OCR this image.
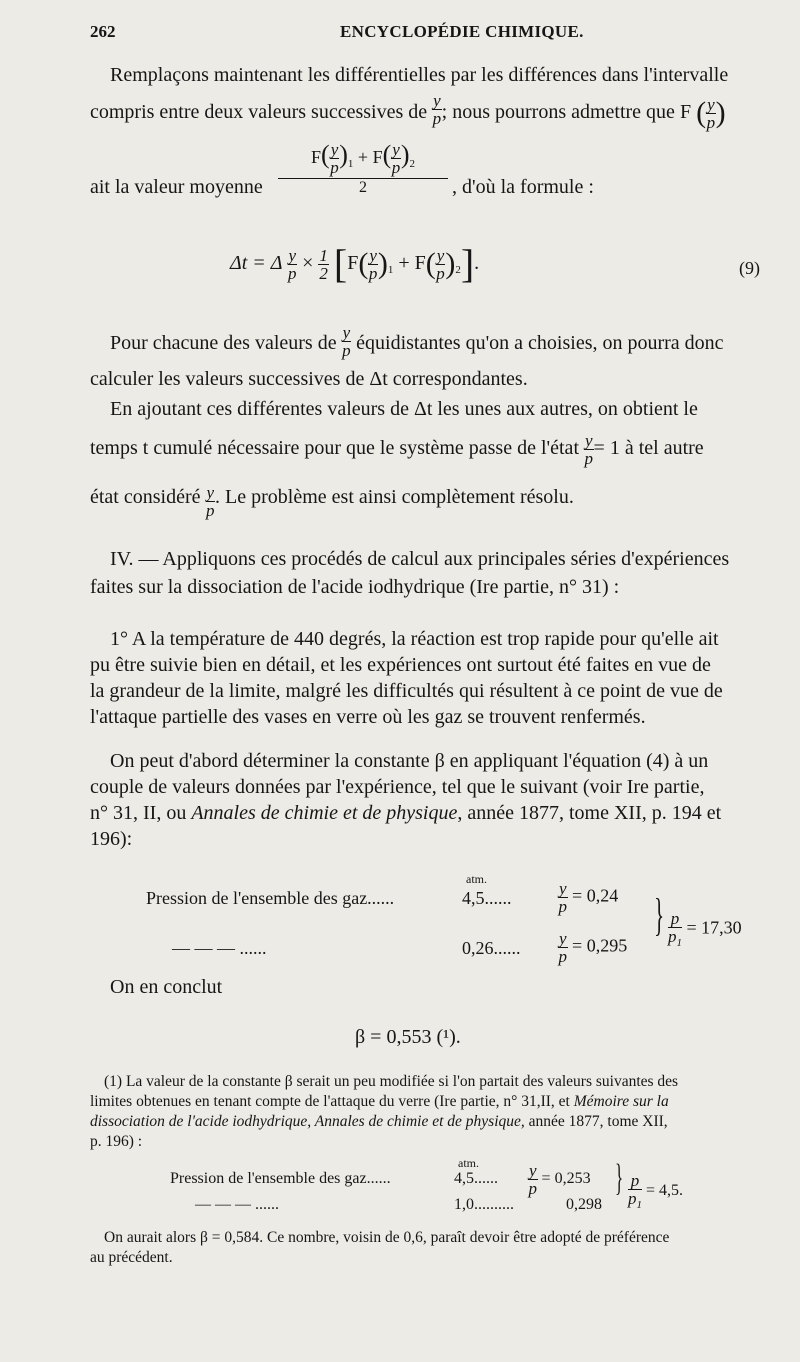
262	ENCYCLOPÉDIE CHIMIQUE.
Remplaçons maintenant les différentielles par les différences dans l'intervalle
compris entre deux valeurs successives de $\frac{y}{p}$ ; nous pourrons admettre que F ( $\frac{y}{p}$ )
ait la valeur moyenne
$F( \frac{y}{p} )_1 + F( \frac{y}{p} )_2$
2	, d'où la formule :
Δt = Δ $\frac{y}{p} \times \frac{1}{2} [F( \frac{y}{p} )_1 + F( \frac{y}{p} )_2]$.	(9)
Pour chacune des valeurs de $\frac{y}{p}$ équidistantes qu'on a choisies, on pourra donc
calculer les valeurs successives de Δt correspondantes.
En ajoutant ces différentes valeurs de Δt les unes aux autres, on obtient le
temps t cumulé nécessaire pour que le système passe de l'état $\frac{y}{p} = 1$ à tel autre
état considéré $\frac{y}{p}$ . Le problème est ainsi complètement résolu.
IV. — Appliquons ces procédés de calcul aux principales séries d'expériences
faites sur la dissociation de l'acide iodhydrique (Ire partie, n° 31) :
1° A la température de 440 degrés, la réaction est trop rapide pour qu'elle ait
pu être suivie bien en détail, et les expériences ont surtout été faites en vue de
la grandeur de la limite, malgré les difficultés qui résultent à ce point de vue de
l'attaque partielle des vases en verre où les gaz se trouvent renfermés.
On peut d'abord déterminer la constante β en appliquant l'équation (4) à un
couple de valeurs données par l'expérience, tel que le suivant (voir Ire partie,
n° 31, II, ou Annales de chimie et de physique, année 1877, tome XII, p. 194 et
196):
atm.
Pression de l'ensemble des gaz......	4,5......	$\frac{y}{p} = 0,24$
— — — ......	0,26...... $\frac{y}{p} = 0,295$
} $\frac{p}{p_1} = 17,30$
On en conclut
β = 0,553 (¹).
(1) La valeur de la constante β serait un peu modifiée si l'on partait des valeurs suivantes des
limites obtenues en tenant compte de l'attaque du verre (Ire partie, n° 31,II, et Mémoire sur la
dissociation de l'acide iodhydrique, Annales de chimie et de physique, année 1877, tome XII,
p. 196) :
atm.
Pression de l'ensemble des gaz......	4,5...... $\frac{y}{p} = 0,253$
— — — ......	1,0..........	0,298
} $\frac{p}{p_1} = 4,5$.
On aurait alors β = 0,584. Ce nombre, voisin de 0,6, paraît devoir être adopté de préférence
au précédent.
